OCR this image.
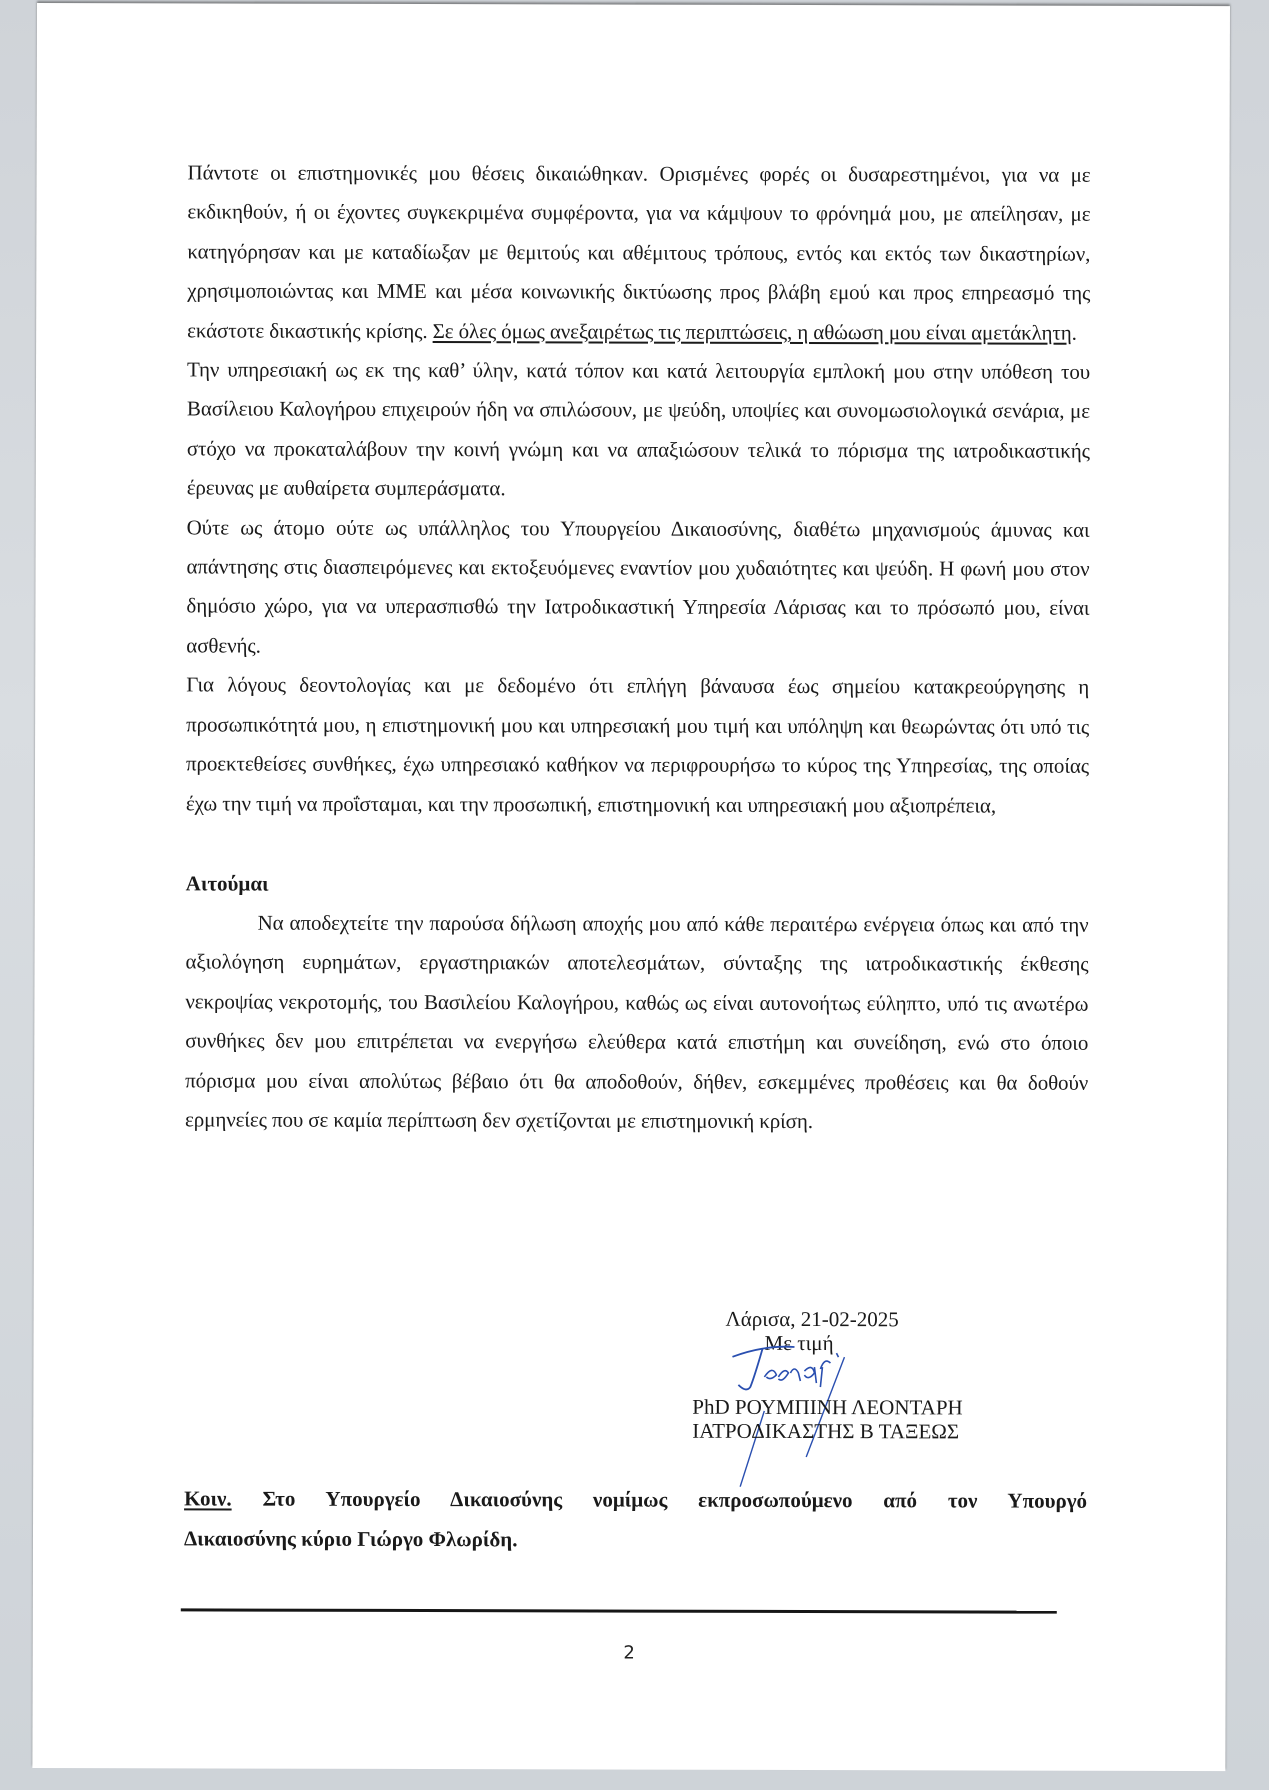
Πάντοτε οι επιστημονικές μου θέσεις δικαιώθηκαν. Ορισμένες φορές οι δυσαρεστημένοι, για να με εκδικηθούν, ή οι έχοντες συγκεκριμένα συμφέροντα, για να κάμψουν το φρόνημά μου, με απείλησαν, με κατηγόρησαν και με καταδίωξαν με θεμιτούς και αθέμιτους τρόπους, εντός και εκτός των δικαστηρίων, χρησιμοποιώντας και ΜΜΕ και μέσα κοινωνικής δικτύωσης προς βλάβη εμού και προς επηρεασμό της εκάστοτε δικαστικής κρίσης. Σε όλες όμως ανεξαιρέτως τις περιπτώσεις, η αθώωση μου είναι αμετάκλητη.

Την υπηρεσιακή ως εκ της καθ’ ύλην, κατά τόπον και κατά λειτουργία εμπλοκή μου στην υπόθεση του Βασίλειου Καλογήρου επιχειρούν ήδη να σπιλώσουν, με ψεύδη, υποψίες και συνομωσιολογικά σενάρια, με στόχο να προκαταλάβουν την κοινή γνώμη και να απαξιώσουν τελικά το πόρισμα της ιατροδικαστικής έρευνας με αυθαίρετα συμπεράσματα.

Ούτε ως άτομο ούτε ως υπάλληλος του Υπουργείου Δικαιοσύνης, διαθέτω μηχανισμούς άμυνας και απάντησης στις διασπειρόμενες και εκτοξευόμενες εναντίον μου χυδαιότητες και ψεύδη. Η φωνή μου στον δημόσιο χώρο, για να υπερασπισθώ την Ιατροδικαστική Υπηρεσία Λάρισας και το πρόσωπό μου, είναι ασθενής.

Για λόγους δεοντολογίας και με δεδομένο ότι επλήγη βάναυσα έως σημείου κατακρεούργησης η προσωπικότητά μου, η επιστημονική μου και υπηρεσιακή μου τιμή και υπόληψη και θεωρώντας ότι υπό τις προεκτεθείσες συνθήκες, έχω υπηρεσιακό καθήκον να περιφρουρήσω το κύρος της Υπηρεσίας, της οποίας έχω την τιμή να προΐσταμαι, και την προσωπική, επιστημονική και υπηρεσιακή μου αξιοπρέπεια,

Αιτούμαι

Να αποδεχτείτε την παρούσα δήλωση αποχής μου από κάθε περαιτέρω ενέργεια όπως και από την αξιολόγηση ευρημάτων, εργαστηριακών αποτελεσμάτων, σύνταξης της ιατροδικαστικής έκθεσης νεκροψίας νεκροτομής, του Βασιλείου Καλογήρου, καθώς ως είναι αυτονοήτως εύληπτο, υπό τις ανωτέρω συνθήκες δεν μου επιτρέπεται να ενεργήσω ελεύθερα κατά επιστήμη και συνείδηση, ενώ στο όποιο πόρισμα μου είναι απολύτως βέβαιο ότι θα αποδοθούν, δήθεν, εσκεμμένες προθέσεις και θα δοθούν ερμηνείες που σε καμία περίπτωση δεν σχετίζονται με επιστημονική κρίση.

Λάρισα, 21-02-2025
Με τιμή
PhD ΡΟΥΜΠΙΝΗ ΛΕΟΝΤΑΡΗ
ΙΑΤΡΟΔΙΚΑΣΤΗΣ Β ΤΑΞΕΩΣ

Κοιν. Στο Υπουργείο Δικαιοσύνης νομίμως εκπροσωπούμενο από τον Υπουργό
Δικαιοσύνης κύριο Γιώργο Φλωρίδη.

2
